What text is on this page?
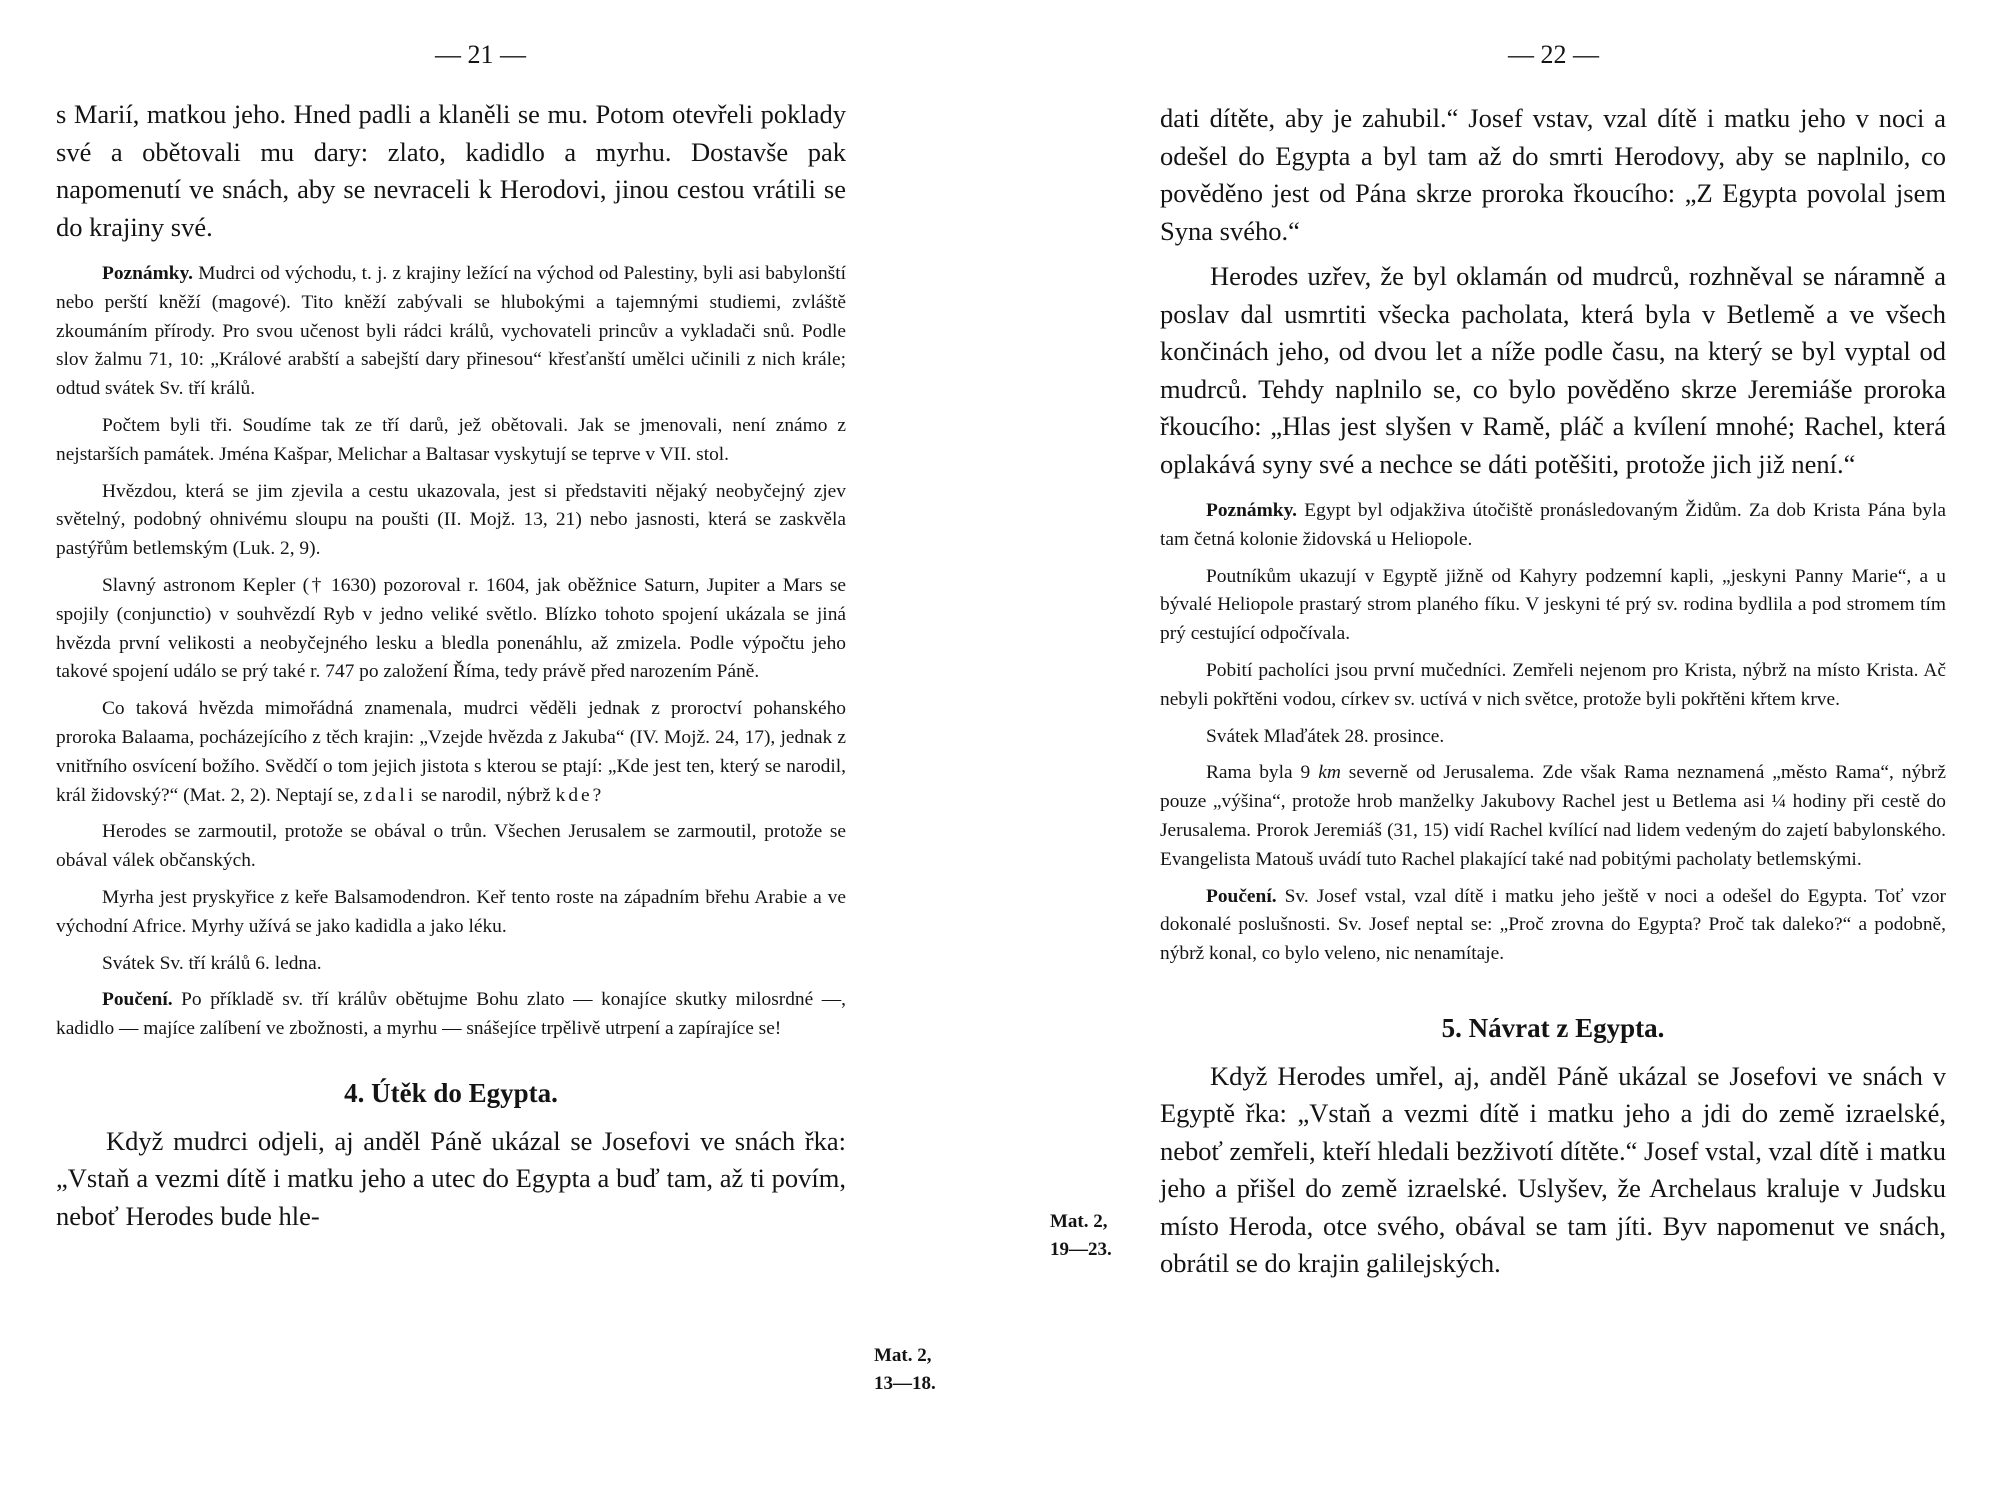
— 21 —

s Marií, matkou jeho. Hned padli a klaněli se mu. Potom otevřeli poklady své a obětovali mu dary: zlato, kadidlo a myrhu. Dostavše pak napomenutí ve snách, aby se nevraceli k Herodovi, jinou cestou vrátili se do krajiny své.

Poznámky. Mudrci od východu, t. j. z krajiny ležící na východ od Palestiny, byli asi babylonští nebo perští kněží (magové). Tito kněží zabývali se hlubokými a tajemnými studiemi, zvláště zkoumáním přírody. Pro svou učenost byli rádci králů, vychovateli princův a vykladači snů. Podle slov žalmu 71, 10: „Králové arabští a sabejští dary přinesou“ křesťanští umělci učinili z nich krále; odtud svátek Sv. tří králů.

Počtem byli tři. Soudíme tak ze tří darů, jež obětovali. Jak se jmenovali, není známo z nejstarších památek. Jména Kašpar, Melichar a Baltasar vyskytují se teprve v VII. stol.

Hvězdou, která se jim zjevila a cestu ukazovala, jest si představiti nějaký neobyčejný zjev světelný, podobný ohnivému sloupu na poušti (II. Mojž. 13, 21) nebo jasnosti, která se zaskvěla pastýřům betlemským (Luk. 2, 9).

Slavný astronom Kepler († 1630) pozoroval r. 1604, jak oběžnice Saturn, Jupiter a Mars se spojily (conjunctio) v souhvězdí Ryb v jedno veliké světlo. Blízko tohoto spojení ukázala se jiná hvězda první velikosti a neobyčejného lesku a bledla ponenáhlu, až zmizela. Podle výpočtu jeho takové spojení událo se prý také r. 747 po založení Říma, tedy právě před narozením Páně.

Co taková hvězda mimořádná znamenala, mudrci věděli jednak z proroctví pohanského proroka Balaama, pocházejícího z těch krajin: „Vzejde hvězda z Jakuba“ (IV. Mojž. 24, 17), jednak z vnitřního osvícení božího. Svědčí o tom jejich jistota s kterou se ptají: „Kde jest ten, který se narodil, král židovský?“ (Mat. 2, 2). Neptají se, zdali se narodil, nýbrž kde?

Herodes se zarmoutil, protože se obával o trůn. Všechen Jerusalem se zarmoutil, protože se obával válek občanských.

Myrha jest pryskyřice z keře Balsamodendron. Keř tento roste na západním břehu Arabie a ve východní Africe. Myrhy užívá se jako kadidla a jako léku.

Svátek Sv. tří králů 6. ledna.

Poučení. Po příkladě sv. tří králův obětujme Bohu zlato — konajíce skutky milosrdné —, kadidlo — majíce zalíbení ve zbožnosti, a myrhu — snášejíce trpělivě utrpení a zapírajíce se!

4. Útěk do Egypta.

Když mudrci odjeli, aj anděl Páně ukázal se Josefovi ve snách řka: „Vstaň a vezmi dítě i matku jeho a utec do Egypta a buď tam, až ti povím, neboť Herodes bude hle-

Mat. 2,
13—18.
— 22 —

dati dítěte, aby je zahubil.“ Josef vstav, vzal dítě i matku jeho v noci a odešel do Egypta a byl tam až do smrti Herodovy, aby se naplnilo, co pověděno jest od Pána skrze proroka řkoucího: „Z Egypta povolal jsem Syna svého.“

Herodes uzřev, že byl oklamán od mudrců, rozhněval se náramně a poslav dal usmrtiti všecka pacholata, která byla v Betlemě a ve všech končinách jeho, od dvou let a níže podle času, na který se byl vyptal od mudrců. Tehdy naplnilo se, co bylo pověděno skrze Jeremiáše proroka řkoucího: „Hlas jest slyšen v Ramě, pláč a kvílení mnohé; Rachel, která oplakává syny své a nechce se dáti potěšiti, protože jich již není.“

Poznámky. Egypt byl odjakživa útočiště pronásledovaným Židům. Za dob Krista Pána byla tam četná kolonie židovská u Heliopole.

Poutníkům ukazují v Egyptě jižně od Kahyry podzemní kapli, „jeskyni Panny Marie“, a u bývalé Heliopole prastarý strom planého fíku. V jeskyni té prý sv. rodina bydlila a pod stromem tím prý cestující odpočívala.

Pobití pacholíci jsou první mučedníci. Zemřeli nejenom pro Krista, nýbrž na místo Krista. Ač nebyli pokřtěni vodou, církev sv. uctívá v nich světce, protože byli pokřtěni křtem krve.

Svátek Mlaďátek 28. prosince.

Rama byla 9 km severně od Jerusalema. Zde však Rama neznamená „město Rama“, nýbrž pouze „výšina“, protože hrob manželky Jakubovy Rachel jest u Betlema asi ¼ hodiny při cestě do Jerusalema. Prorok Jeremiáš (31, 15) vidí Rachel kvílící nad lidem vedeným do zajetí babylonského. Evangelista Matouš uvádí tuto Rachel plakající také nad pobitými pacholaty betlemskými.

Poučení. Sv. Josef vstal, vzal dítě i matku jeho ještě v noci a odešel do Egypta. Toť vzor dokonalé poslušnosti. Sv. Josef neptal se: „Proč zrovna do Egypta? Proč tak daleko?“ a podobně, nýbrž konal, co bylo veleno, nic nenamítaje.

5. Návrat z Egypta.

Když Herodes umřel, aj, anděl Páně ukázal se Josefovi ve snách v Egyptě řka: „Vstaň a vezmi dítě i matku jeho a jdi do země izraelské, neboť zemřeli, kteří hledali bezživotí dítěte.“ Josef vstal, vzal dítě i matku jeho a přišel do země izraelské. Uslyšev, že Archelaus kraluje v Judsku místo Heroda, otce svého, obával se tam jíti. Byv napomenut ve snách, obrátil se do krajin galilejských.

Mat. 2,
19—23.
